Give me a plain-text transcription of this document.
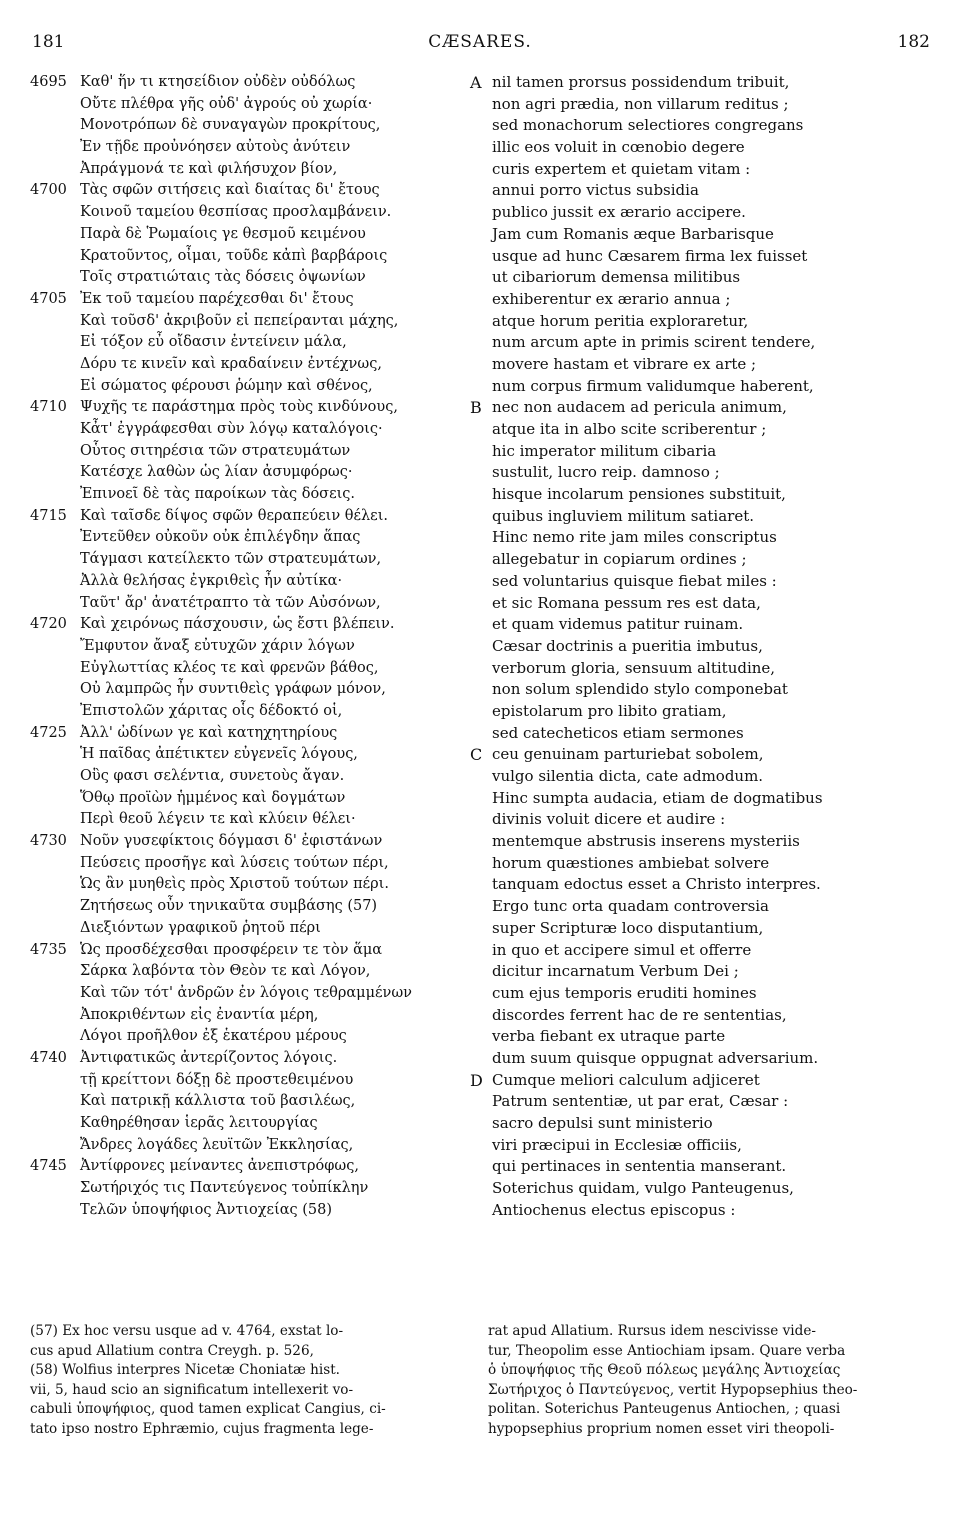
181	CÆSARES.	182
4695 Καθ' ἥν τι κτησείδιον οὐδὲν οὐδόλως
Οὔτε πλέθρα γῆς οὐδ' ἀγρούς οὐ χωρία·
Μονοτρόπων δὲ συναγαγὼν προκρίτους,
Ἐν τῇδε προὐνόησεν αὐτοὺς ἀνύτειν
Ἀπράγμονά τε καὶ φιλήσυχον βίον,
4700 Τὰς σφῶν σιτήσεις καὶ διαίτας δι' ἔτους
Κοινοῦ ταμείου θεσπίσας προσλαμβάνειν.
Παρὰ δὲ Ῥωμαίοις γε θεσμοῦ κειμένου
Κρατοῦντος, οἶμαι, τοῦδε κἀπὶ βαρβάροις
Τοῖς στρατιώταις τὰς δόσεις ὀψωνίων
4705 Ἐκ τοῦ ταμείου παρέχεσθαι δι' ἔτους
Καὶ τοῦσδ' ἀκριβοῦν εἰ πεπείρανται μάχης,
Εἰ τόξον εὖ οἴδασιν ἐντείνειν μάλα,
Δόρυ τε κινεῖν καὶ κραδαίνειν ἐντέχνως,
Εἰ σώματος φέρουσι ῥώμην καὶ σθένος,
4710 Ψυχῆς τε παράστημα πρὸς τοὺς κινδύνους,
Κἆτ' ἐγγράφεσθαι σὺν λόγῳ καταλόγοις·
Οὗτος σιτηρέσια τῶν στρατευμάτων
Κατέσχε λαθὼν ὡς λίαν ἀσυμφόρως·
Ἐπινοεῖ δὲ τὰς παροίκων τὰς δόσεις.
4715 Καὶ ταῖσδε δίψος σφῶν θεραπεύειν θέλει.
Ἐντεῦθεν οὐκοῦν οὐκ ἐπιλέγδην ἅπας
Τάγμασι κατείλεκτο τῶν στρατευμάτων,
Ἀλλὰ θελήσας ἐγκριθεὶς ἦν αὐτίκα·
Ταῦτ' ἄρ' ἀνατέτραπτο τὰ τῶν Αὐσόνων,
4720 Καὶ χειρόνως πάσχουσιν, ὡς ἔστι βλέπειν.
Ἔμφυτον ἄναξ εὐτυχῶν χάριν λόγων
Εὐγλωττίας κλέος τε καὶ φρενῶν βάθος,
Οὐ λαμπρῶς ἦν συντιθεὶς γράφων μόνον,
Ἐπιστολῶν χάριτας οἷς δέδοκτό οἱ,
4725 Ἀλλ' ὠδίνων γε καὶ κατηχητηρίους
Ἡ παῖδας ἀπέτικτεν εὐγενεῖς λόγους,
Οὓς φασι σελέντια, συνετοὺς ἄγαν.
Ὅθῳ προϊὼν ἡμμένος καὶ δογμάτων
Περὶ θεοῦ λέγειν τε καὶ κλύειν θέλει·
4730 Νοῦν γυσεφίκτοις δόγμασι δ' ἐφιστάνων
Πεύσεις προσῆγε καὶ λύσεις τούτων πέρι,
Ὡς ἂν μυηθεὶς πρὸς Χριστοῦ τούτων πέρι.
Ζητήσεως οὖν τηνικαῦτα συμβάσης (57)
Διεξιόντων γραφικοῦ ῥητοῦ πέρι
4735 Ὡς προσδέχεσθαι προσφέρειν τε τὸν ἅμα
Σάρκα λαβόντα τὸν Θεὸν τε καὶ Λόγον,
Καὶ τῶν τότ' ἀνδρῶν ἐν λόγοις τεθραμμένων
Ἀποκριθέντων εἰς ἐναντία μέρη,
Λόγοι προῆλθον ἐξ ἑκατέρου μέρους
4740 Ἀντιφατικῶς ἀντερίζοντος λόγοις.
τῇ κρείττονι δόξῃ δὲ προστεθειμένου
Καὶ πατρικῇ κάλλιστα τοῦ βασιλέως,
Καθηρέθησαν ἱερᾶς λειτουργίας
Ἄνδρες λογάδες λευϊτῶν Ἐκκλησίας,
4745 Ἀντίφρονες μείναντες ἀνεπιστρόφως,
Σωτήριχός τις Παντεύγενος τοὐπίκλην
Τελῶν ὑποψήφιος Ἀντιοχείας (58)
A nil tamen prorsus possidendum tribuit,
non agri prædia, non villarum reditus ;
sed monachorum selectiores congregans
illic eos voluit in cœnobio degere
curis expertem et quietam vitam :
annui porro victus subsidia
publico jussit ex ærario accipere.
Jam cum Romanis æque Barbarisque
usque ad hunc Cæsarem firma lex fuisset
ut cibariorum demensa militibus
exhiberentur ex ærario annua ;
atque horum peritia exploraretur,
num arcum apte in primis scirent tendere,
movere hastam et vibrare ex arte ;
num corpus firmum validumque haberent,
B nec non audacem ad pericula animum,
atque ita in albo scite scriberentur ;
hic imperator militum cibaria
sustulit, lucro reip. damnoso ;
hisque incolarum pensiones substituit,
quibus ingluviem militum satiaret.
Hinc nemo rite jam miles conscriptus
allegebatur in copiarum ordines ;
sed voluntarius quisque fiebat miles :
et sic Romana pessum res est data,
et quam videmus patitur ruinam.
Cæsar doctrinis a pueritia imbutus,
verborum gloria, sensuum altitudine,
non solum splendido stylo componebat
epistolarum pro libito gratiam,
sed catecheticos etiam sermones
C ceu genuinam parturiebat sobolem,
vulgo silentia dicta, cate admodum.
Hinc sumpta audacia, etiam de dogmatibus
divinis voluit dicere et audire :
mentemque abstrusis inserens mysteriis
horum quæstiones ambiebat solvere
tanquam edoctus esset a Christo interpres.
Ergo tunc orta quadam controversia
super Scripturæ loco disputantium,
in quo et accipere simul et offerre
dicitur incarnatum Verbum Dei ;
cum ejus temporis eruditi homines
discordes ferrent hac de re sententias,
verba fiebant ex utraque parte
dum suum quisque oppugnat adversarium.
D Cumque meliori calculum adjiceret
Patrum sententiæ, ut par erat, Cæsar :
sacro depulsi sunt ministerio
viri præcipui in Ecclesiæ officiis,
qui pertinaces in sententia manserant.
Soterichus quidam, vulgo Panteugenus,
Antiochenus electus episcopus :
(57) Ex hoc versu usque ad v. 4764, exstat lo-
cus apud Allatium contra Creygh. p. 526,
(58) Wolfius interpres Nicetæ Choniatæ hist.
vii, 5, haud scio an significatum intellexerit vo-
cabuli ὑποψήφιος, quod tamen explicat Cangius, ci-
tato ipso nostro Ephræmio, cujus fragmenta lege-
rat apud Allatium. Rursus idem nescivisse vide-
tur, Theopolim esse Antiochiam ipsam. Quare verba
ὁ ὑποψήφιος τῆς Θεοῦ πόλεως μεγάλης Ἀντιοχείας
Σωτήριχος ὁ Παντεύγενος, vertit Hypopsephius theo-
politan. Soterichus Panteugenus Antiochen, ; quasi
hypopsephius proprium nomen esset viri theopoli-
